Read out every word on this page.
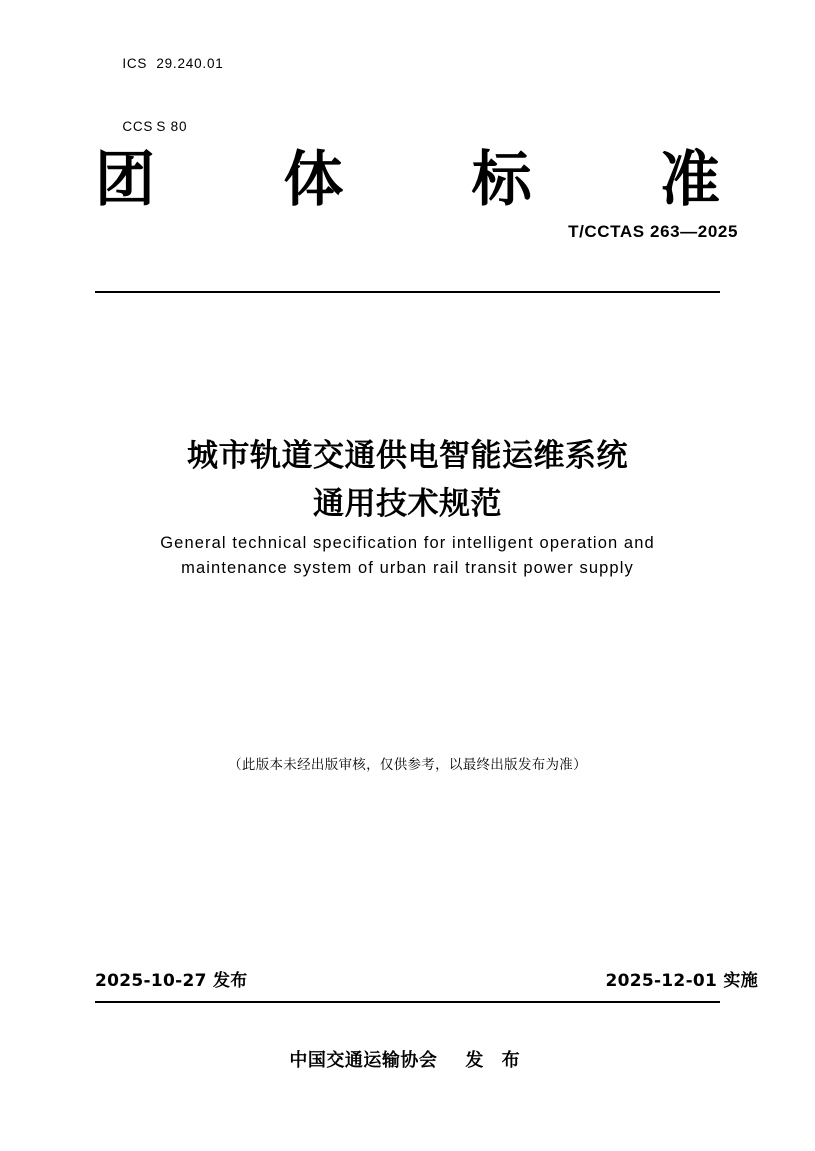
ICS 29.240.01

CCS S 80

团 体 标 准
T/CCTAS 263—2025
城市轨道交通供电智能运维系统
通用技术规范
General technical specification for intelligent operation and
maintenance system of urban rail transit power supply
（此版本未经出版审核，仅供参考，以最终出版发布为准）
2025-10-27 发布	2025-12-01 实施
中国交通运输协会 发 布
